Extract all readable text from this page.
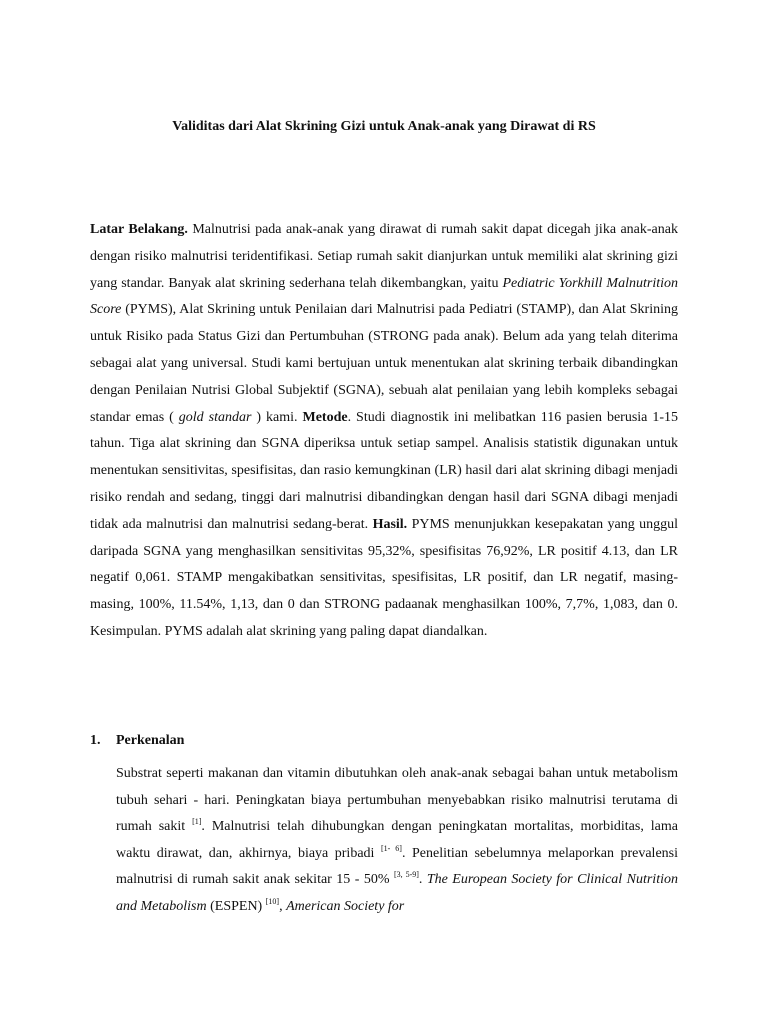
Validitas dari Alat Skrining Gizi untuk Anak-anak yang Dirawat di RS

Latar Belakang. Malnutrisi pada anak-anak yang dirawat di rumah sakit dapat dicegah jika anak-anak dengan risiko malnutrisi teridentifikasi. Setiap rumah sakit dianjurkan untuk memiliki alat skrining gizi yang standar. Banyak alat skrining sederhana telah dikembangkan, yaitu Pediatric Yorkhill Malnutrition Score (PYMS), Alat Skrining untuk Penilaian dari Malnutrisi pada Pediatri (STAMP), dan Alat Skrining untuk Risiko pada Status Gizi dan Pertumbuhan (STRONG pada anak). Belum ada yang telah diterima sebagai alat yang universal. Studi kami bertujuan untuk menentukan alat skrining terbaik dibandingkan dengan Penilaian Nutrisi Global Subjektif (SGNA), sebuah alat penilaian yang lebih kompleks sebagai standar emas ( gold standar ) kami. Metode. Studi diagnostik ini melibatkan 116 pasien berusia 1-15 tahun. Tiga alat skrining dan SGNA diperiksa untuk setiap sampel. Analisis statistik digunakan untuk menentukan sensitivitas, spesifisitas, dan rasio kemungkinan (LR) hasil dari alat skrining dibagi menjadi risiko rendah and sedang, tinggi dari malnutrisi dibandingkan dengan hasil dari SGNA dibagi menjadi tidak ada malnutrisi dan malnutrisi sedang-berat. Hasil. PYMS menunjukkan kesepakatan yang unggul daripada SGNA yang menghasilkan sensitivitas 95,32%, spesifisitas 76,92%, LR positif 4.13, dan LR negatif 0,061. STAMP mengakibatkan sensitivitas, spesifisitas, LR positif, dan LR negatif, masing-masing, 100%, 11.54%, 1,13, dan 0 dan STRONG padaanak menghasilkan 100%, 7,7%, 1,083, dan 0. Kesimpulan. PYMS adalah alat skrining yang paling dapat diandalkan.

1. Perkenalan

Substrat seperti makanan dan vitamin dibutuhkan oleh anak-anak sebagai bahan untuk metabolism tubuh sehari - hari. Peningkatan biaya pertumbuhan menyebabkan risiko malnutrisi terutama di rumah sakit [1]. Malnutrisi telah dihubungkan dengan peningkatan mortalitas, morbiditas, lama waktu dirawat, dan, akhirnya, biaya pribadi [1- 6]. Penelitian sebelumnya melaporkan prevalensi malnutrisi di rumah sakit anak sekitar 15 - 50% [3, 5-9]. The European Society for Clinical Nutrition and Metabolism (ESPEN) [10], American Society for
